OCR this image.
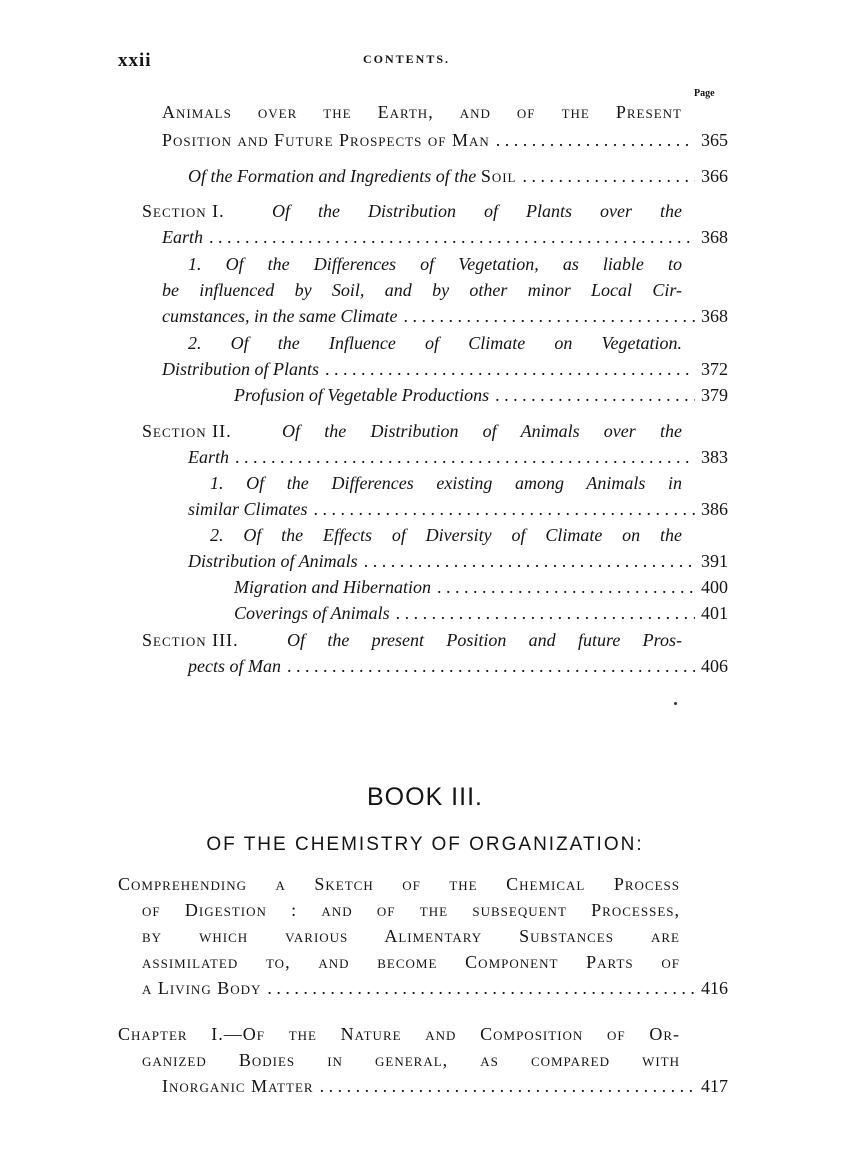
xxii	CONTENTS.
Page
Animals over the Earth, and of the Present
Position and Future Prospects of Man . . .	365
Of the Formation and Ingredients of the Soil . . .	366
Section I.	Of the Distribution of Plants over the
Earth . . .	368
1. Of the Differences of Vegetation, as liable to
be influenced by Soil, and by other minor Local Cir-
cumstances, in the same Climate . . .	368
2. Of the Influence of Climate on Vegetation.
Distribution of Plants . . .	372
Profusion of Vegetable Productions . . .	379
Section II.	Of the Distribution of Animals over the
Earth . . .	383
1. Of the Differences existing among Animals in
similar Climates . . .	386
2. Of the Effects of Diversity of Climate on the
Distribution of Animals . . .	391
Migration and Hibernation . . .	400
Coverings of Animals . . .	401
Section III.	Of the present Position and future Pros-
pects of Man . . .	406
BOOK III.
OF THE CHEMISTRY OF ORGANIZATION:
Comprehending a Sketch of the Chemical Process
of Digestion : and of the subsequent Processes,
by which various Alimentary Substances are
assimilated to, and become Component Parts of
a Living Body . . .	416
Chapter I.—Of the Nature and Composition of Or-
ganized Bodies in general, as compared with
Inorganic Matter . . .	417
